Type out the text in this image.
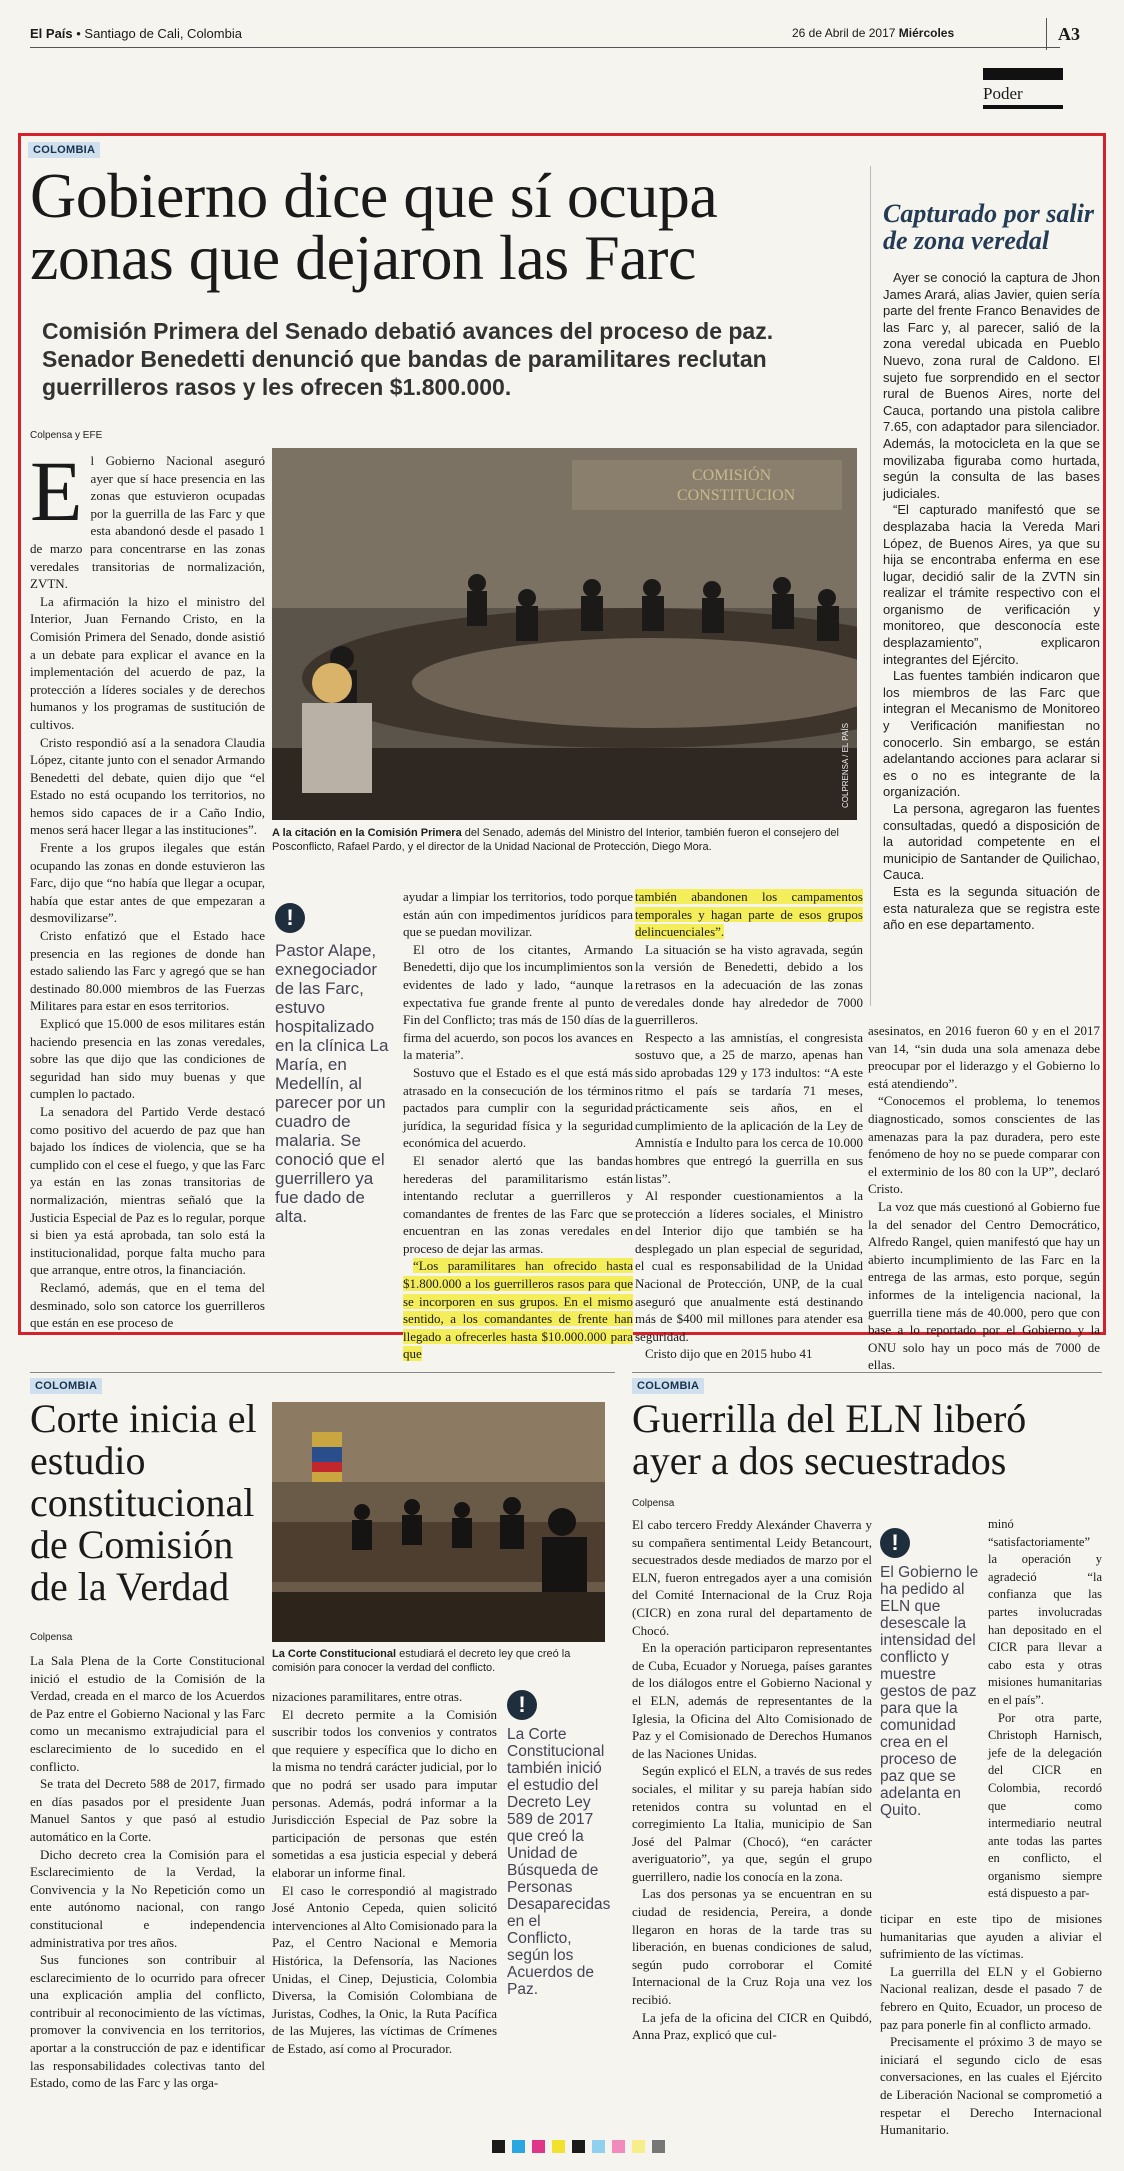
El País • Santiago de Cali, Colombia	26 de Abril de 2017 Miércoles	A3
Poder
COLOMBIA
Gobierno dice que sí ocupa
zonas que dejaron las Farc
Comisión Primera del Senado debatió avances del proceso de paz. Senador Benedetti denunció que bandas de paramilitares reclutan guerrilleros rasos y les ofrecen $1.800.000.
Colpensa y EFE
E l Gobierno Nacional aseguró ayer que sí hace presencia en las zonas que estuvieron ocupadas por la guerrilla de las Farc y que esta abandonó desde el pasado 1 de marzo para concentrarse en las zonas veredales transitorias de normalización, ZVTN.

La afirmación la hizo el ministro del Interior, Juan Fernando Cristo, en la Comisión Primera del Senado, donde asistió a un debate para explicar el avance en la implementación del acuerdo de paz, la protección a líderes sociales y de derechos humanos y los programas de sustitución de cultivos.

Cristo respondió así a la senadora Claudia López, citante junto con el senador Armando Benedetti del debate, quien dijo que “el Estado no está ocupando los territorios, no hemos sido capaces de ir a Caño Indio, menos será hacer llegar a las instituciones”.

Frente a los grupos ilegales que están ocupando las zonas en donde estuvieron las Farc, dijo que “no había que llegar a ocupar, había que estar antes de que empezaran a desmovilizarse”.

Cristo enfatizó que el Estado hace presencia en las regiones de donde han estado saliendo las Farc y agregó que se han destinado 80.000 miembros de las Fuerzas Militares para estar en esos territorios.

Explicó que 15.000 de esos militares están haciendo presencia en las zonas veredales, sobre las que dijo que las condiciones de seguridad han sido muy buenas y que cumplen lo pactado.

La senadora del Partido Verde destacó como positivo del acuerdo de paz que han bajado los índices de violencia, que se ha cumplido con el cese el fuego, y que las Farc ya están en las zonas transitorias de normalización, mientras señaló que la Justicia Especial de Paz es lo regular, porque si bien ya está aprobada, tan solo está la institucionalidad, porque falta mucho para que arranque, entre otros, la financiación.

Reclamó, además, que en el tema del desminado, solo son catorce los guerrilleros que están en ese proceso de

COMISIÓN
CONSTITUCION
COLPRENSA / EL PAÍS
A la citación en la Comisión Primera del Senado, además del Ministro del Interior, también fueron el consejero del Posconflicto, Rafael Pardo, y el director de la Unidad Nacional de Protección, Diego Mora.
!
Pastor Alape, exnegociador de las Farc, estuvo hospitalizado en la clínica La María, en Medellín, al parecer por un cuadro de malaria. Se conoció que el guerrillero ya fue dado de alta.

ayudar a limpiar los territorios, todo porque están aún con impedimentos jurídicos para que se puedan movilizar.

El otro de los citantes, Armando Benedetti, dijo que los incumplimientos son evidentes de lado y lado, “aunque la expectativa fue grande frente al punto de Fin del Conflicto; tras más de 150 días de la firma del acuerdo, son pocos los avances en la materia”.

Sostuvo que el Estado es el que está más atrasado en la consecución de los términos pactados para cumplir con la seguridad jurídica, la seguridad física y la seguridad económica del acuerdo.

El senador alertó que las bandas herederas del paramilitarismo están intentando reclutar a guerrilleros y comandantes de frentes de las Farc que se encuentran en las zonas veredales en proceso de dejar las armas.

“Los paramilitares han ofrecido hasta $1.800.000 a los guerrilleros rasos para que se incorporen en sus grupos. En el mismo sentido, a los comandantes de frente han llegado a ofrecerles hasta $10.000.000 para que

también abandonen los campamentos temporales y hagan parte de esos grupos delincuenciales”.

La situación se ha visto agravada, según la versión de Benedetti, debido a los retrasos en la adecuación de las zonas veredales donde hay alrededor de 7000 guerrilleros.

Respecto a las amnistías, el congresista sostuvo que, a 25 de marzo, apenas han sido aprobadas 129 y 173 indultos: “A este ritmo el país se tardaría 71 meses, prácticamente seis años, en el cumplimiento de la aplicación de la Ley de Amnistía e Indulto para los cerca de 10.000 hombres que entregó la guerrilla en sus listas”.

Al responder cuestionamientos a la protección a líderes sociales, el Ministro del Interior dijo que también se ha desplegado un plan especial de seguridad, el cual es responsabilidad de la Unidad Nacional de Protección, UNP, de la cual aseguró que anualmente está destinando más de $400 mil millones para atender esa seguridad.

Cristo dijo que en 2015 hubo 41

asesinatos, en 2016 fueron 60 y en el 2017 van 14, “sin duda una sola amenaza debe preocupar por el liderazgo y el Gobierno lo está atendiendo”.

“Conocemos el problema, lo tenemos diagnosticado, somos conscientes de las amenazas para la paz duradera, pero este fenómeno de hoy no se puede comparar con el exterminio de los 80 con la UP”, declaró Cristo.

La voz que más cuestionó al Gobierno fue la del senador del Centro Democrático, Alfredo Rangel, quien manifestó que hay un abierto incumplimiento de las Farc en la entrega de las armas, esto porque, según informes de la inteligencia nacional, la guerrilla tiene más de 40.000, pero que con base a lo reportado por el Gobierno y la ONU solo hay un poco más de 7000 de ellas.

Capturado por salir de zona veredal

Ayer se conoció la captura de Jhon James Arará, alias Javier, quien sería parte del frente Franco Benavides de las Farc y, al parecer, salió de la zona veredal ubicada en Pueblo Nuevo, zona rural de Caldono. El sujeto fue sorprendido en el sector rural de Buenos Aires, norte del Cauca, portando una pistola calibre 7.65, con adaptador para silenciador. Además, la motocicleta en la que se movilizaba figuraba como hurtada, según la consulta de las bases judiciales.

“El capturado manifestó que se desplazaba hacia la Vereda Mari López, de Buenos Aires, ya que su hija se encontraba enferma en ese lugar, decidió salir de la ZVTN sin realizar el trámite respectivo con el organismo de verificación y monitoreo, que desconocía este desplazamiento”, explicaron integrantes del Ejército.

Las fuentes también indicaron que los miembros de las Farc que integran el Mecanismo de Monitoreo y Verificación manifiestan no conocerlo. Sin embargo, se están adelantando acciones para aclarar si es o no es integrante de la organización.

La persona, agregaron las fuentes consultadas, quedó a disposición de la autoridad competente en el municipio de Santander de Quilichao, Cauca.

Esta es la segunda situación de esta naturaleza que se registra este año en ese departamento.

COLOMBIA
Corte inicia el estudio constitucional de Comisión de la Verdad
Colpensa
La Corte Constitucional estudiará el decreto ley que creó la comisión para conocer la verdad del conflicto.

La Sala Plena de la Corte Constitucional inició el estudio de la Comisión de la Verdad, creada en el marco de los Acuerdos de Paz entre el Gobierno Nacional y las Farc como un mecanismo extrajudicial para el esclarecimiento de lo sucedido en el conflicto.

Se trata del Decreto 588 de 2017, firmado en días pasados por el presidente Juan Manuel Santos y que pasó al estudio automático en la Corte.

Dicho decreto crea la Comisión para el Esclarecimiento de la Verdad, la Convivencia y la No Repetición como un ente autónomo nacional, con rango constitucional e independencia administrativa por tres años.

Sus funciones son contribuir al esclarecimiento de lo ocurrido para ofrecer una explicación amplia del conflicto, contribuir al reconocimiento de las víctimas, promover la convivencia en los territorios, aportar a la construcción de paz e identificar las responsabilidades colectivas tanto del Estado, como de las Farc y las orga-

nizaciones paramilitares, entre otras.

El decreto permite a la Comisión suscribir todos los convenios y contratos que requiere y específica que lo dicho en la misma no tendrá carácter judicial, por lo que no podrá ser usado para imputar personas. Además, podrá informar a la Jurisdicción Especial de Paz sobre la participación de personas que estén sometidas a esa justicia especial y deberá elaborar un informe final.

El caso le correspondió al magistrado José Antonio Cepeda, quien solicitó intervenciones al Alto Comisionado para la Paz, el Centro Nacional e Memoria Histórica, la Defensoría, las Naciones Unidas, el Cinep, Dejusticia, Colombia Diversa, la Comisión Colombiana de Juristas, Codhes, la Onic, la Ruta Pacífica de las Mujeres, las víctimas de Crímenes de Estado, así como al Procurador.

!
La Corte Constitucional también inició el estudio del Decreto Ley 589 de 2017 que creó la Unidad de Búsqueda de Personas Desaparecidas en el Conflicto, según los Acuerdos de Paz.
COLOMBIA
Guerrilla del ELN liberó ayer a dos secuestrados
Colpensa

El cabo tercero Freddy Alexánder Chaverra y su compañera sentimental Leidy Betancourt, secuestrados desde mediados de marzo por el ELN, fueron entregados ayer a una comisión del Comité Internacional de la Cruz Roja (CICR) en zona rural del departamento de Chocó.

En la operación participaron representantes de Cuba, Ecuador y Noruega, países garantes de los diálogos entre el Gobierno Nacional y el ELN, además de representantes de la Iglesia, la Oficina del Alto Comisionado de Paz y el Comisionado de Derechos Humanos de las Naciones Unidas.

Según explicó el ELN, a través de sus redes sociales, el militar y su pareja habían sido retenidos contra su voluntad en el corregimiento La Italia, municipio de San José del Palmar (Chocó), “en carácter averiguatorio”, ya que, según el grupo guerrillero, nadie los conocía en la zona.

Las dos personas ya se encuentran en su ciudad de residencia, Pereira, a donde llegaron en horas de la tarde tras su liberación, en buenas condiciones de salud, según pudo corroborar el Comité Internacional de la Cruz Roja una vez los recibió.

La jefa de la oficina del CICR en Quibdó, Anna Praz, explicó que cul-

!
El Gobierno le ha pedido al ELN que desescale la intensidad del conflicto y muestre gestos de paz para que la comunidad crea en el proceso de paz que se adelanta en Quito.

minó “satisfactoriamente” la operación y agradeció “la confianza que las partes involucradas han depositado en el CICR para llevar a cabo esta y otras misiones humanitarias en el país”.

Por otra parte, Christoph Harnisch, jefe de la delegación del CICR en Colombia, recordó que como intermediario neutral ante todas las partes en conflicto, el organismo siempre está dispuesto a par-

ticipar en este tipo de misiones humanitarias que ayuden a aliviar el sufrimiento de las víctimas.

La guerrilla del ELN y el Gobierno Nacional realizan, desde el pasado 7 de febrero en Quito, Ecuador, un proceso de paz para ponerle fin al conflicto armado.

Precisamente el próximo 3 de mayo se iniciará el segundo ciclo de esas conversaciones, en las cuales el Ejército de Liberación Nacional se comprometió a respetar el Derecho Internacional Humanitario.
